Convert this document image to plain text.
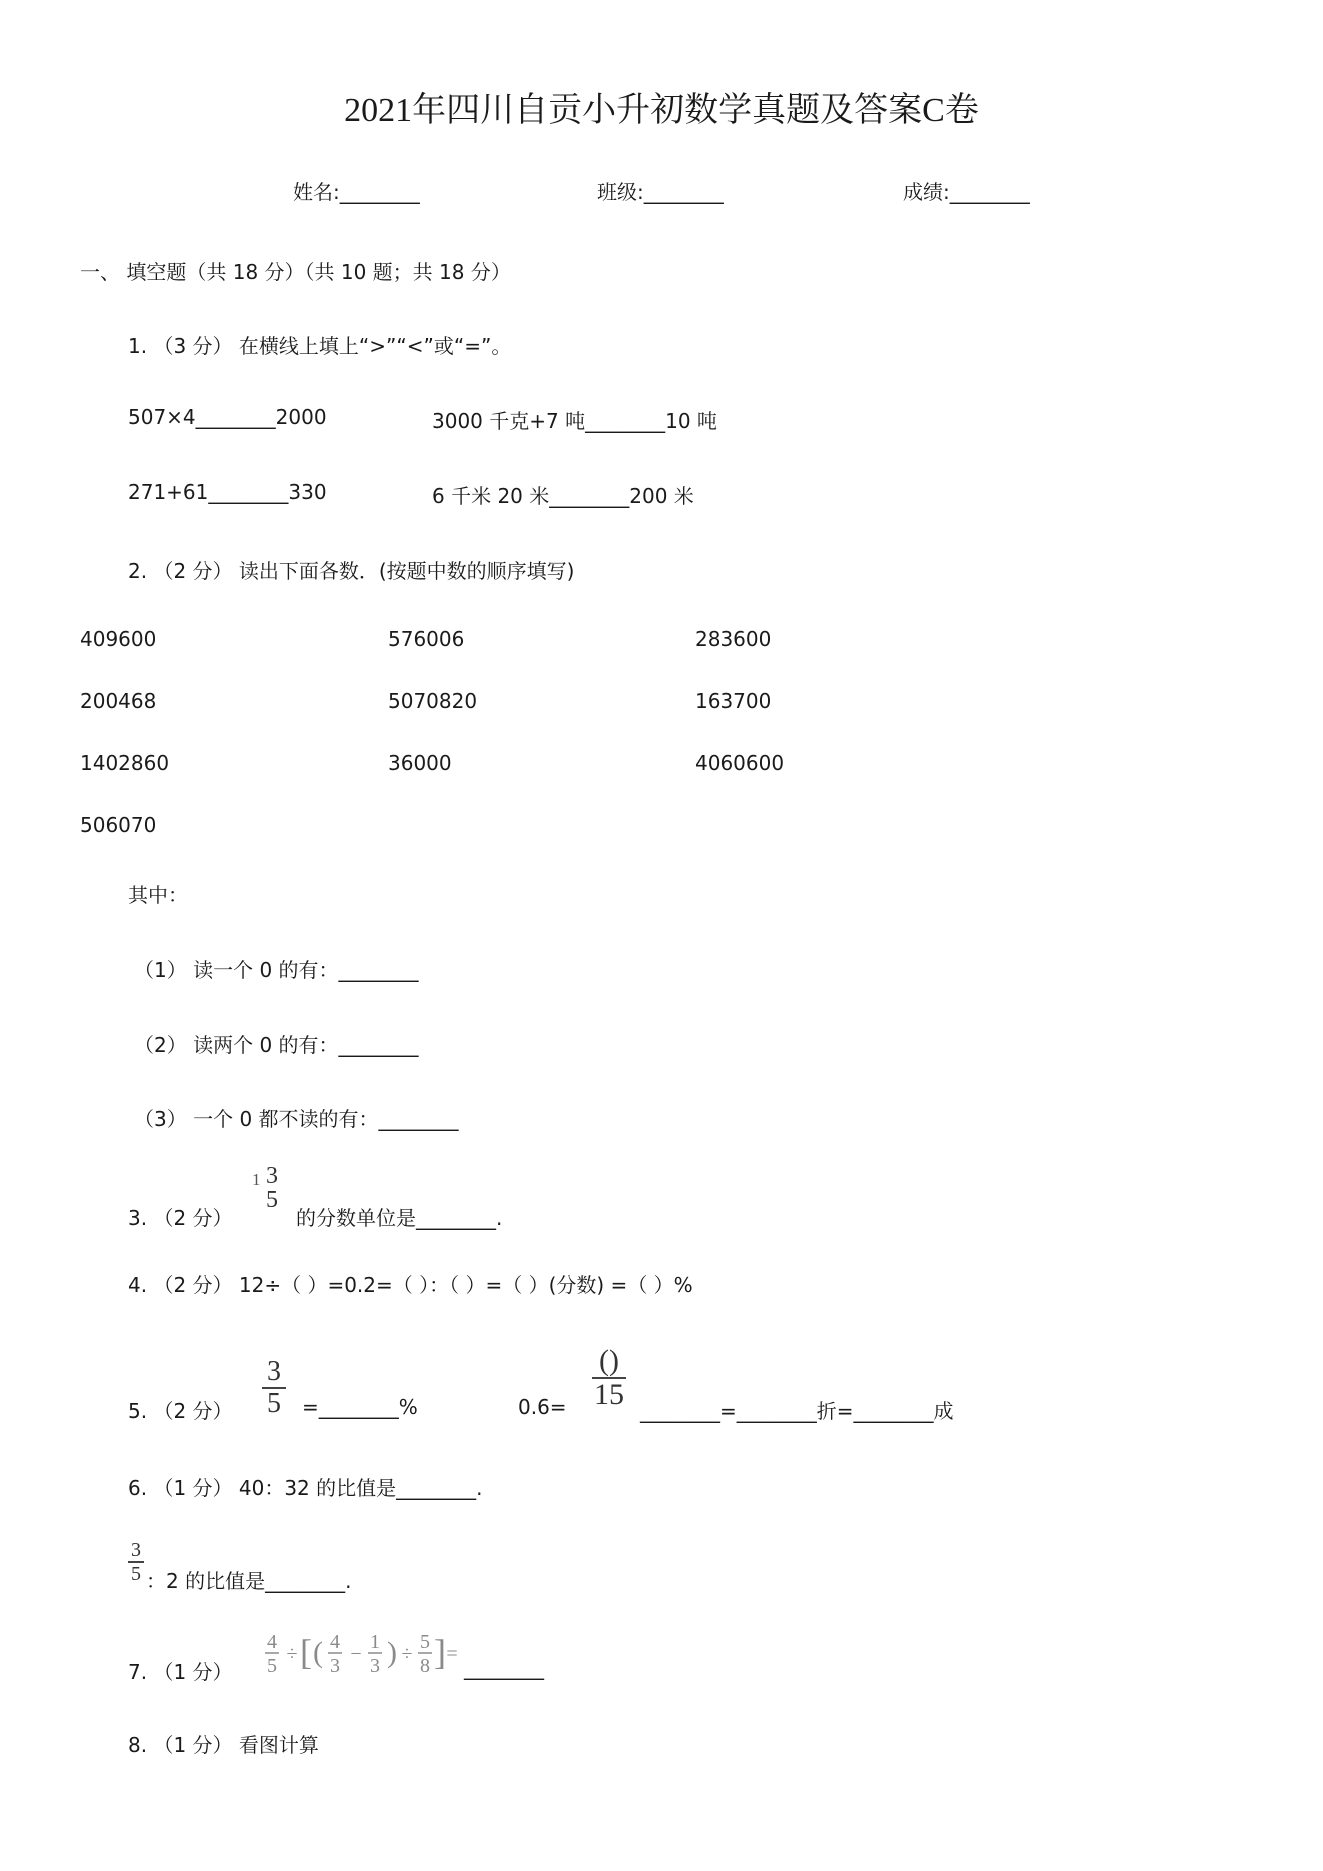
2021年四川自贡小升初数学真题及答案C卷
姓名:________	班级:________	成绩:________
一、 填空题（共 18 分）（共 10 题；共 18 分）
1. （3 分） 在横线上填上“>”“<”或“=”。
507×4________2000	3000 千克+7 吨________10 吨
271+61________330	6 千米 20 米________200 米
2. （2 分） 读出下面各数．(按题中数的顺序填写)
409600	576006	283600
200468	5070820	163700
1402860	36000	4060600
506070
其中：
（1） 读一个 0 的有：________
（2） 读两个 0 的有：________
（3） 一个 0 都不读的有：________
3. （2 分）
1 3
5
的分数单位是________.
4. （2 分） 12÷（ ）=0.2=（ ）：（ ）=（ ）(分数) =（ ）%
5. （2 分）
3
5 =________%	0.6=
()
15 ________=________折=________成
6. （1 分） 40：32 的比值是________.
3
5 ：2 的比值是________.
7. （1 分）
4
5
÷ [ ( 4
3
−
1
3 ) ÷
5
8 ] =
________
8. （1 分） 看图计算
